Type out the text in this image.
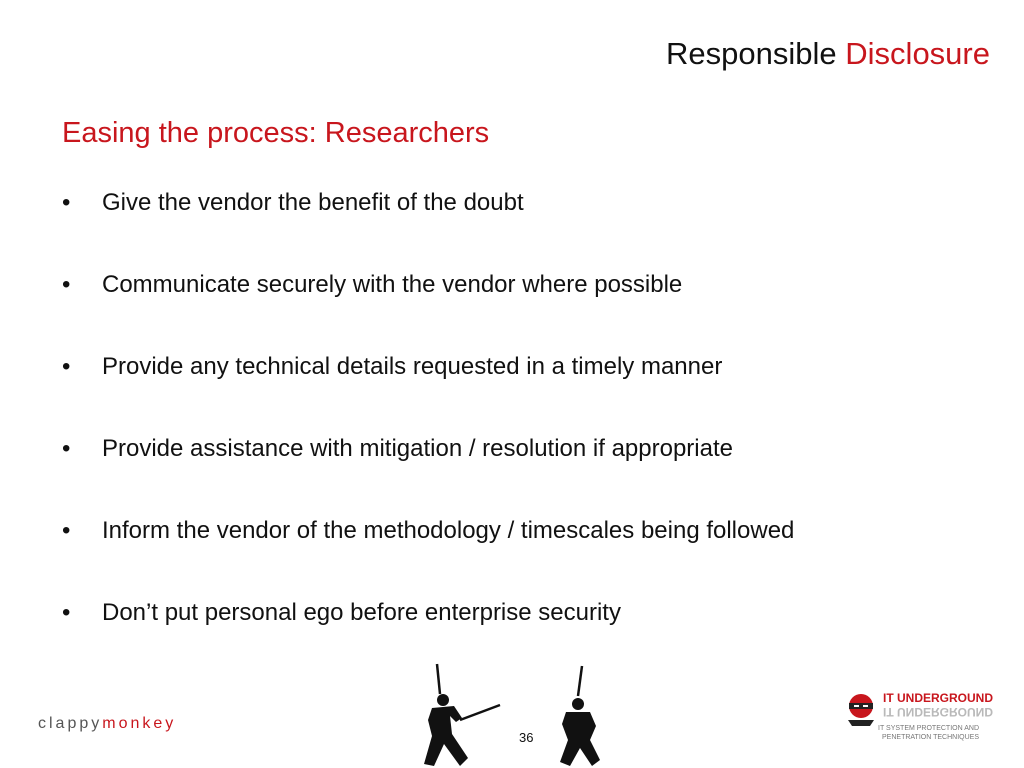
Responsible Disclosure
Easing the process: Researchers
•	Give the vendor the benefit of the doubt
•	Communicate securely with the vendor where possible
•	Provide any technical details requested in a timely manner
•	Provide assistance with mitigation / resolution if appropriate
•	Inform the vendor of the methodology / timescales being followed
•	Don’t put personal ego before enterprise security
clappymonkey
36
IT UNDERGROUND
IT UNDERGROUND
IT SYSTEM PROTECTION AND
PENETRATION TECHNIQUES
